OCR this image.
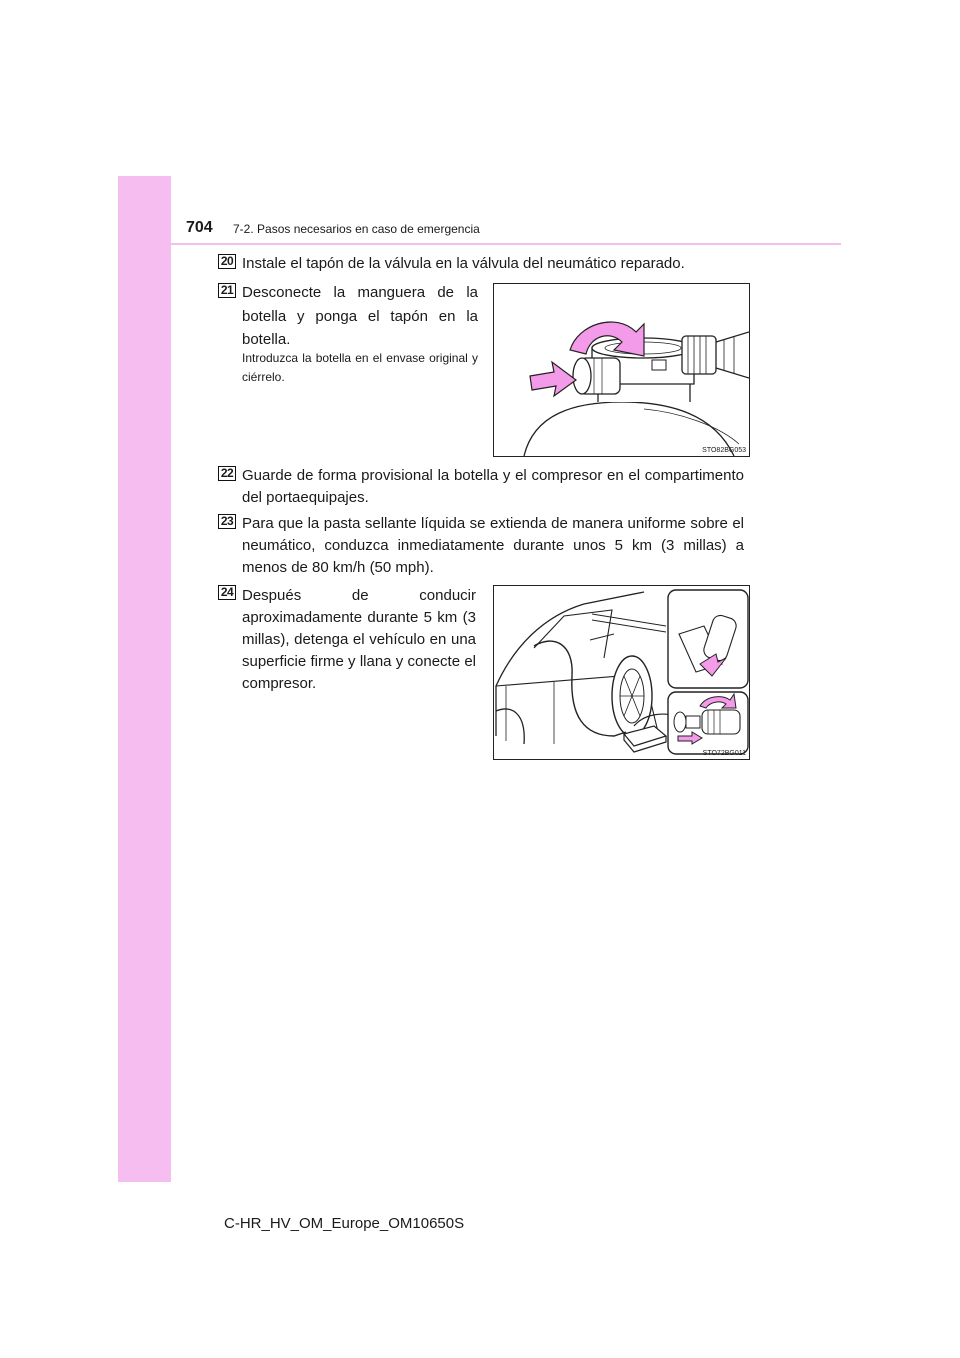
704 7-2. Pasos necesarios en caso de emergencia
20 Instale el tapón de la válvula en la válvula del neumático reparado.
21 Desconecte la manguera de la botella y ponga el tapón en la botella.
Introduzca la botella en el envase original y ciérrelo.
STO82BG053
22 Guarde de forma provisional la botella y el compresor en el compartimento del portaequipajes.
23 Para que la pasta sellante líquida se extienda de manera uniforme sobre el neumático, conduzca inmediatamente durante unos 5 km (3 millas) a menos de 80 km/h (50 mph).
24 Después de conducir aproximadamente durante 5 km (3 millas), detenga el vehículo en una superficie firme y llana y conecte el compresor.
STO72BG011
C-HR_HV_OM_Europe_OM10650S
